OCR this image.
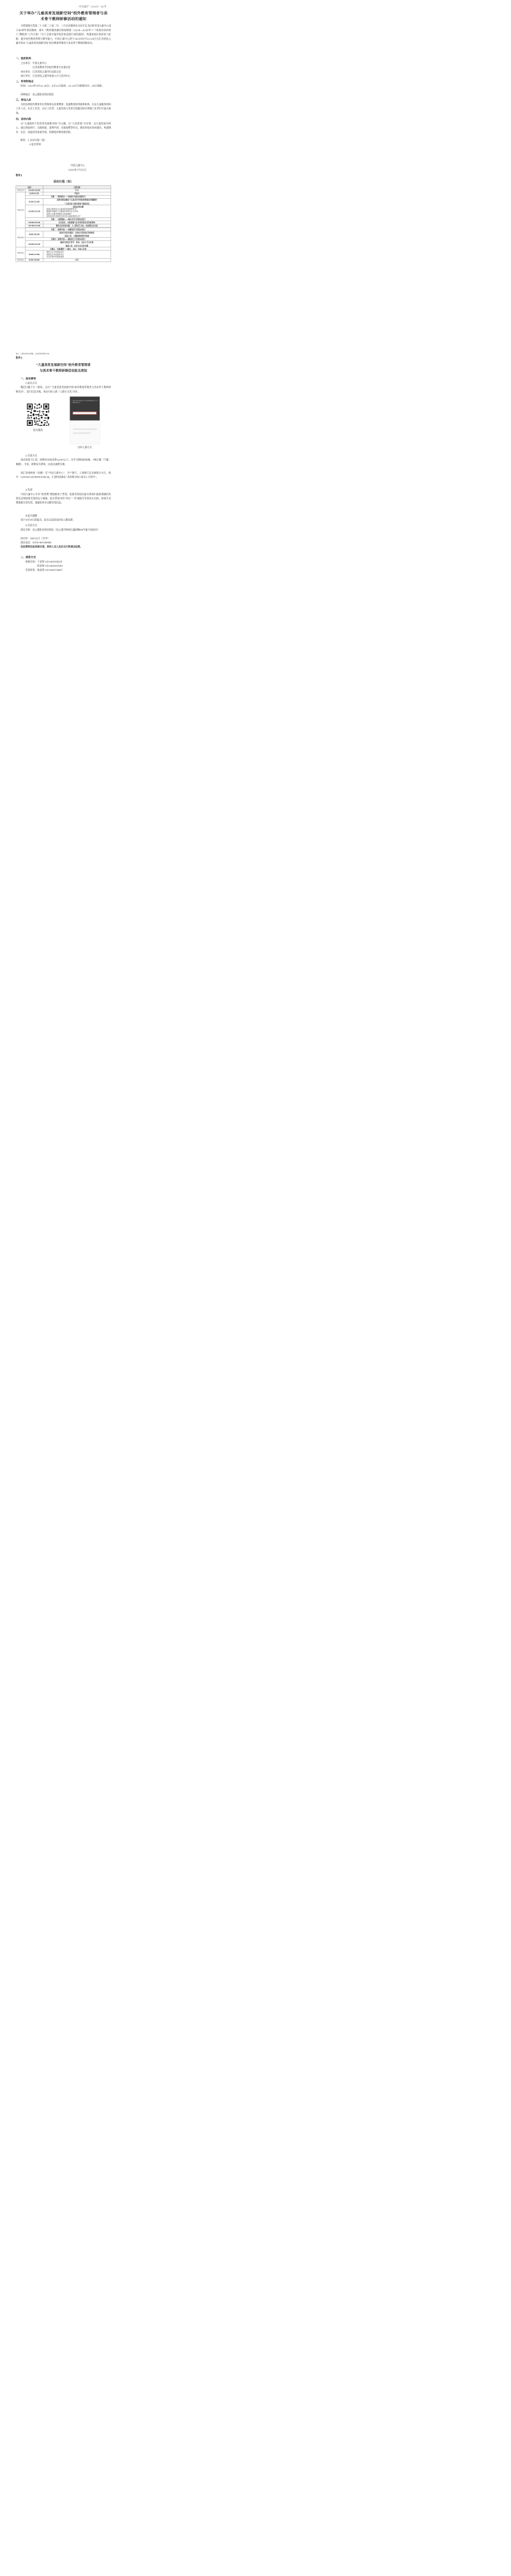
中儿通字〔2025〕52号
关于举办“儿童美育发展新空间”校外教育管理者与美术骨干教师研修活动的通知

为贯彻落实党的二十大和二十届二中、三中全会精神及习近平总书记致中国儿童中心成立40周年贺信精神，落实《教育强国建设规划纲要（2024—2035年）》《家校社协同育人“教联体”工作方案》《关于全面实施学校美育浸润行动的通知》，构建家校社协同育人机制，提升校外教育管理与教学能力，中国儿童中心将于2025年9月22-26日在江苏省连云港市举办“儿童美育发展新空间”校外教育管理者与美术骨干教师研修活动。

一、组织机构
主办单位：中国儿童中心
江苏省教育学会校外教育专业委员会
承办单位：江苏省连云港市妇女联合会
执行单位：江苏省连云港市家庭与少儿活动中心
二、时间和地点

时间：2025年9月22-26日。9月22日报到，23-25日为研修活动，26日返程。

研修地点：连云港阳光明宸酒店

三、参加人员

全国各类校外教育单位管理者及美育教师；家庭教育指导服务机构、妇女儿童服务机构工作人员；社会工作者，社区工作者；儿童发展与美育空间建设相关领域工作者均可报名参加。

四、活动内容

以“儿童视角下的美育发展新空间”为主题，以“大美育观”为引领，以儿童发展为核心，通过理论研讨、实践探索、案例共创、实地观摩等形式，推进家校社协同建设，构建城市、社区、家庭的美育新空间，绘制校外教育新图景。

附件：1.活动日程（拟）
2.报名须知
中国儿童中心
2025年7月31日
附件1
活动日程（拟）
时间		主要安排
9月22日	14:00-18:00	报到
9月23日	9:00-9:30	开幕式
	专题一：理论研讨——家校社共建美育新范式	
	9:30-11:00	家校社联动视角下儿童美育共同体的构建及实践路径
“儿童美育与城市发展”圆桌对话

	11:00-12:30	圆桌讨论议题
如何让城市成为儿童美育的具体教科书？
数智技术赋能下儿童美育空间设计与应用。
如何与儿童共创城市文化新地标？
如何协同打造城市空间中的儿童美育新生态？

	专题二：实践探索——城市美学空间活动设计	
	14:00-15:30	历史街区、自然资源与社区场所的美育价值重构
	15:30-17:00	数智美育场景实践：人人都是艺术家，家家都是美术馆

9月24日	专题三：案例共创——创新街区空间活动设计	
	9:00-10:30	阅读空间再生路径：从知识空间到美学体验场
创造工坊：艺趣街调多维学体验

	专题四：案例共创——健康活力空间活动设计	
	14:00-15:30	健康空间设计哲学：律动、表达与艺术疗愈
创造工坊：社区艺术美育实践

9月25日	专题五：实地观摩——城市、文化、生态与美育	
	9:00-17:00	城市记忆中的美育活化
传统技艺中的美育共生
生态环境中的美育浸润

9月26日	9:00-18:00	返程
备注：日程安排如有调整，以活动现场通知为准
附件2
“儿童美育发展新空间”校外教育管理者
与美术骨干教师研修活动报名须知
一、报名事项
1.报名方式

微信扫描下方二维码，点击“‘儿童美育发展新空间’校外教育管理者与美术骨干教师研修活动”，进行信息采集，务必扫码入群（入群方式见下图）。

报名通道
“儿童美育发展新空间”校外教育管理者与美术骨干教师研修活动
扫码入群方式
2.付款方式

请采用线下汇款，研修活动成本费2200元/人，含学习期间的场地、7顿正餐（午餐、晚餐）、专家、研修证书费用，往返交通费自理。

请汇款或转账（同城）至“中国儿童中心”，开户银行：工商银行北京新街口支行，账号：0200002909088104236，汇款时请备注“美育新空间+姓名+手机号”。

3.发票

中国儿童中心开具“培训费”增值税电子普票。如需发票请在报名系统中提供准确的发票信息和接收发票的电子邮箱，报名系统中的“单位”一栏请填写发票抬头名称。如需开具增值税专用发票，请提供单位完整发票信息。

4.报名提醒

请于9月18日前报名，报名完成请及时加入微信群。

5.住宿方式

酒店名称：连云港阳光明宸酒店（连云港市海州区瀛洲路68号振兴绿园内）

协议价：360元/天（含早）

酒店电话：0518-80538888

住宿费和住宿发票自理，参训人员入住后自行和酒店结算。

二、联系方式
研修咨询：于老师 010-66514331
郎老师 010-66160149
发票财务：路老师 010-66115667
